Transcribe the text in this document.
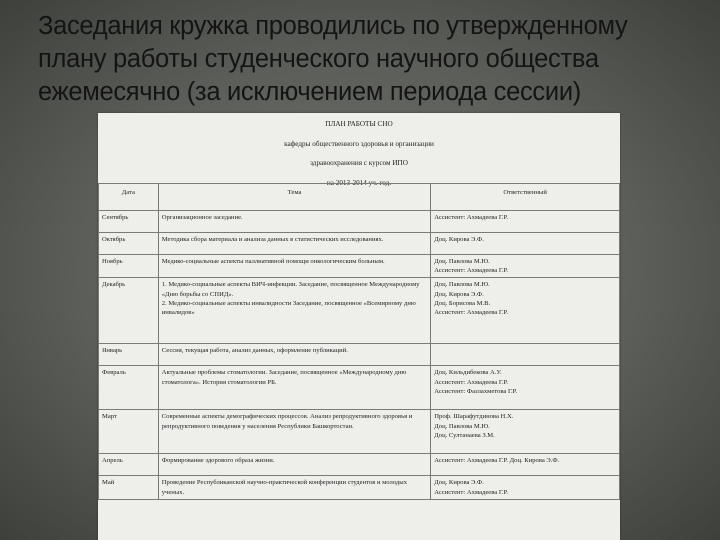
Заседания кружка проводились по утвержденному плану работы студенческого научного общества ежемесячно (за исключением периода сессии)
ПЛАН РАБОТЫ СНО
кафедры общественного здоровья и организации
здравоохранения с курсом ИПО
на 2013-2014 уч. год.
Дата	Тема	Ответственный
Сентябрь	Организационное заседание.	Ассистент: Ахмадеева Г.Р.
Октябрь	Методика сбора материала и анализа данных в статистических исследованиях.	Доц. Кирова Э.Ф.
Ноябрь	Медико-социальные аспекты паллиативной помощи онкологическим больным.	Доц. Павлова М.Ю.
Ассистент: Ахмадеева Г.Р.
Декабрь	1. Медико-социальные аспекты ВИЧ-инфекции. Заседание, посвященное Международному «Дню борьбы со СПИД».
2. Медико-социальные аспекты инвалидности Заседание, посвященное «Всемирному дню инвалидов»	Доц. Павлова М.Ю.
Доц. Кирова Э.Ф.
Доц. Борисова М.В.
Ассистент: Ахмадеева Г.Р.
Январь	Сессия, текущая работа, анализ данных, оформление публикаций.	
Февраль	Актуальные проблемы стоматологии. Заседание, посвященное «Международному дню стоматолога». История стоматологии РБ.	Доц. Кильдибекова А.У.
Ассистент: Ахмадеева Г.Р.
Ассистент: Фазлахметова Г.Р.
Март	Современные аспекты демографических процессов. Анализ репродуктивного здоровья и репродуктивного поведения у населения Республики Башкортостан.	Проф. Шарафутдинова Н.Х.
Доц. Павлова М.Ю.
Доц. Султанаева З.М.
Апрель	Формирование здорового образа жизни.	Ассистент: Ахмадеева Г.Р. Доц. Кирова Э.Ф.
Май	Проведение Республиканской научно-практической конференции студентов и молодых ученых.	Доц. Кирова Э.Ф.
Ассистент: Ахмадеева Г.Р.
